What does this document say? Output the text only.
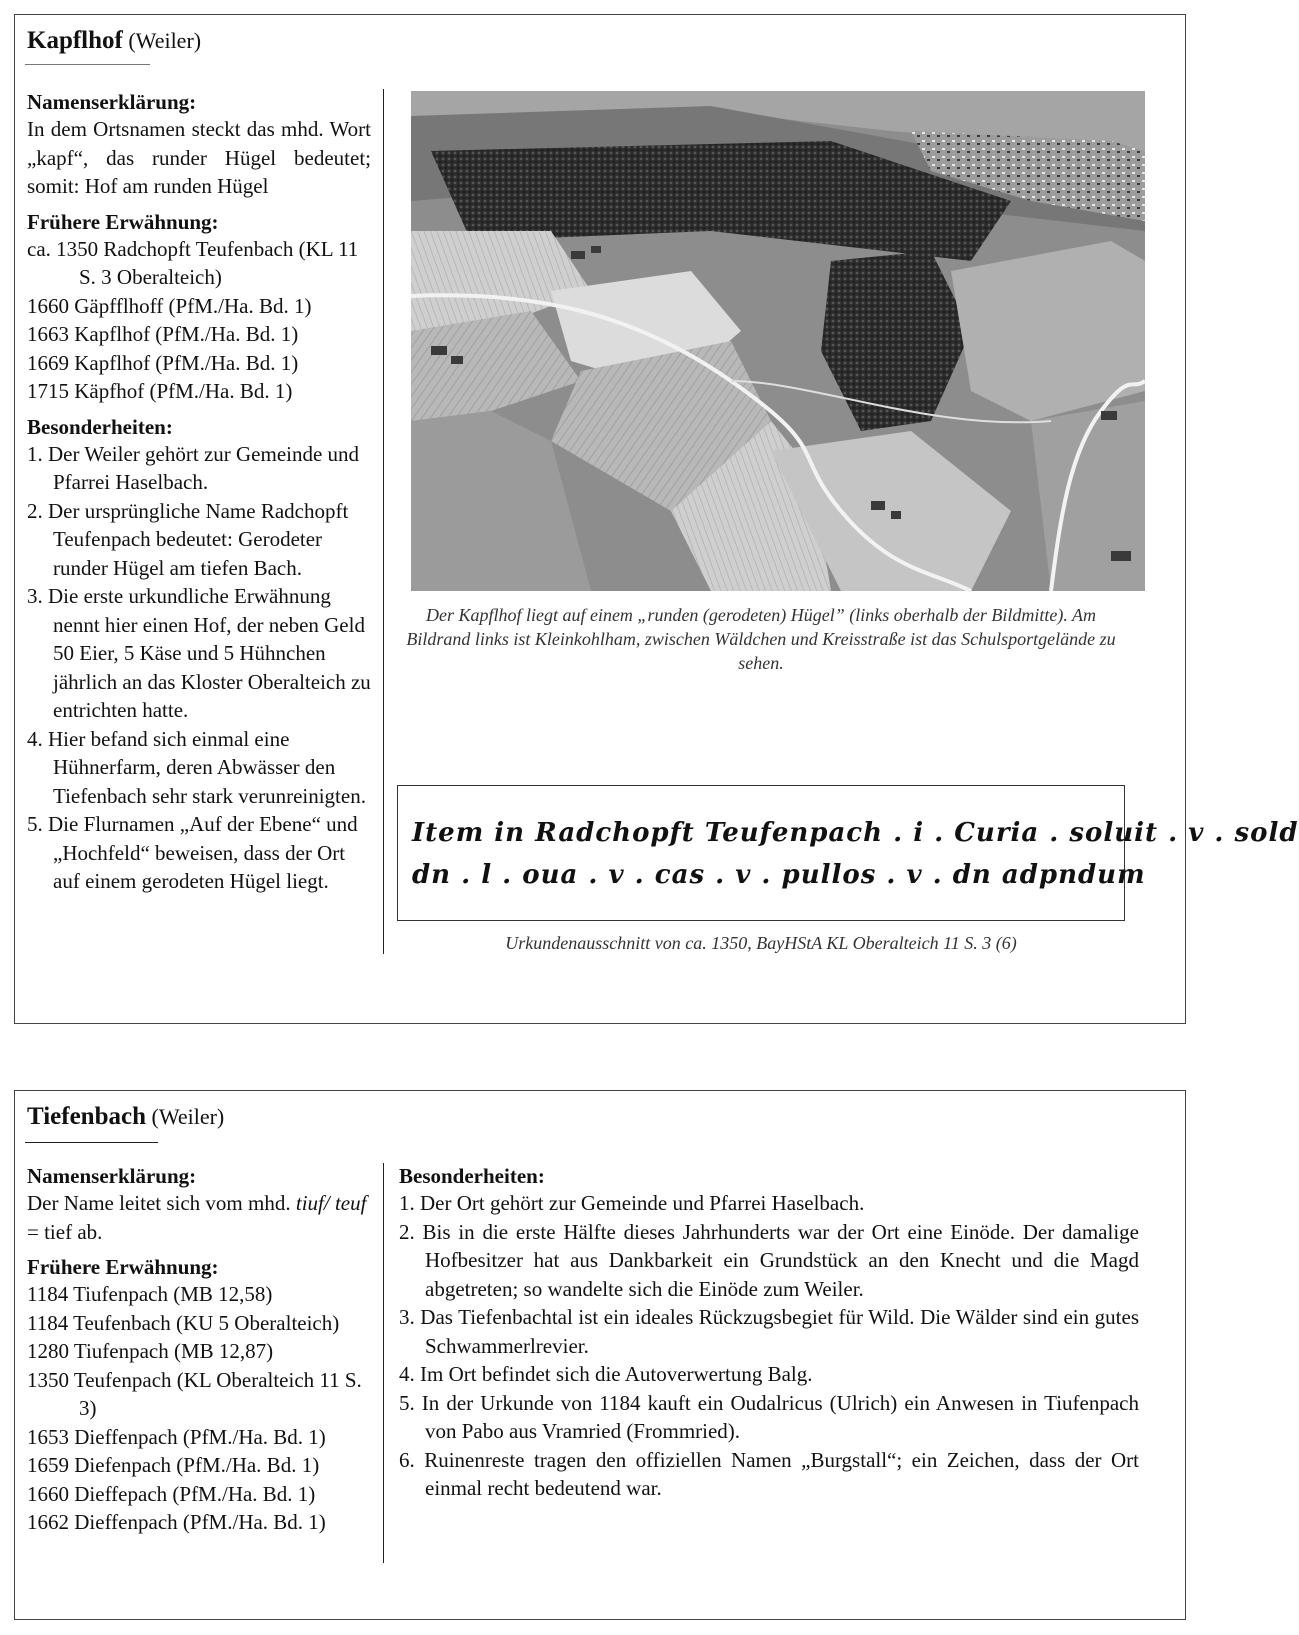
Kapflhof (Weiler)
Namenserklärung:

In dem Ortsnamen steckt das mhd. Wort „kapf“, das runder Hügel bedeutet; somit: Hof am runden Hügel

Frühere Erwähnung:
ca. 1350 Radchopft Teufenbach (KL 11 S. 3 Oberalteich)
1660 Gäpfflhoff (PfM./Ha. Bd. 1)
1663 Kapflhof (PfM./Ha. Bd. 1)
1669 Kapflhof (PfM./Ha. Bd. 1)
1715 Käpfhof (PfM./Ha. Bd. 1)
Besonderheiten:
1. Der Weiler gehört zur Gemeinde und Pfarrei Haselbach.
2. Der ursprüngliche Name Radchopft Teufenpach bedeutet: Gerodeter runder Hügel am tiefen Bach.
3. Die erste urkundliche Erwähnung nennt hier einen Hof, der neben Geld 50 Eier, 5 Käse und 5 Hühnchen jährlich an das Kloster Oberalteich zu entrichten hatte.
4. Hier befand sich einmal eine Hühnerfarm, deren Abwässer den Tiefenbach sehr stark verunreinigten.
5. Die Flurnamen „Auf der Ebene“ und „Hochfeld“ beweisen, dass der Ort auf einem gerodeten Hügel liegt.

Der Kapflhof liegt auf einem „runden (gerodeten) Hügel” (links oberhalb der Bildmitte). Am Bildrand links ist Kleinkohlham, zwischen Wäldchen und Kreisstraße ist das Schulsportgelände zu sehen.

Item in Radchopft Teufenpach . i . Curia . soluit . v . sold
dn . l . oua . v . cas . v . pullos . v . dn adpndum

Urkundenausschnitt von ca. 1350, BayHStA KL Oberalteich 11 S. 3 (6)

Tiefenbach (Weiler)
Namenserklärung:

Der Name leitet sich vom mhd. tiuf/ teuf = tief ab.

Frühere Erwähnung:
1184 Tiufenpach (MB 12,58)
1184 Teufenbach (KU 5 Oberalteich)
1280 Tiufenpach (MB 12,87)
1350 Teufenpach (KL Oberalteich 11 S. 3)
1653 Dieffenpach (PfM./Ha. Bd. 1)
1659 Diefenpach (PfM./Ha. Bd. 1)
1660 Dieffepach (PfM./Ha. Bd. 1)
1662 Dieffenpach (PfM./Ha. Bd. 1)
Besonderheiten:
1. Der Ort gehört zur Gemeinde und Pfarrei Haselbach.
2. Bis in die erste Hälfte dieses Jahrhunderts war der Ort eine Einöde. Der damalige Hofbesitzer hat aus Dankbarkeit ein Grundstück an den Knecht und die Magd abgetreten; so wandelte sich die Einöde zum Weiler.
3. Das Tiefenbachtal ist ein ideales Rückzugsbegiet für Wild. Die Wälder sind ein gutes Schwammerlrevier.
4. Im Ort befindet sich die Autoverwertung Balg.
5. In der Urkunde von 1184 kauft ein Oudalricus (Ulrich) ein Anwesen in Tiufenpach von Pabo aus Vramried (Frommried).
6. Ruinenreste tragen den offiziellen Namen „Burgstall“; ein Zeichen, dass der Ort einmal recht bedeutend war.
